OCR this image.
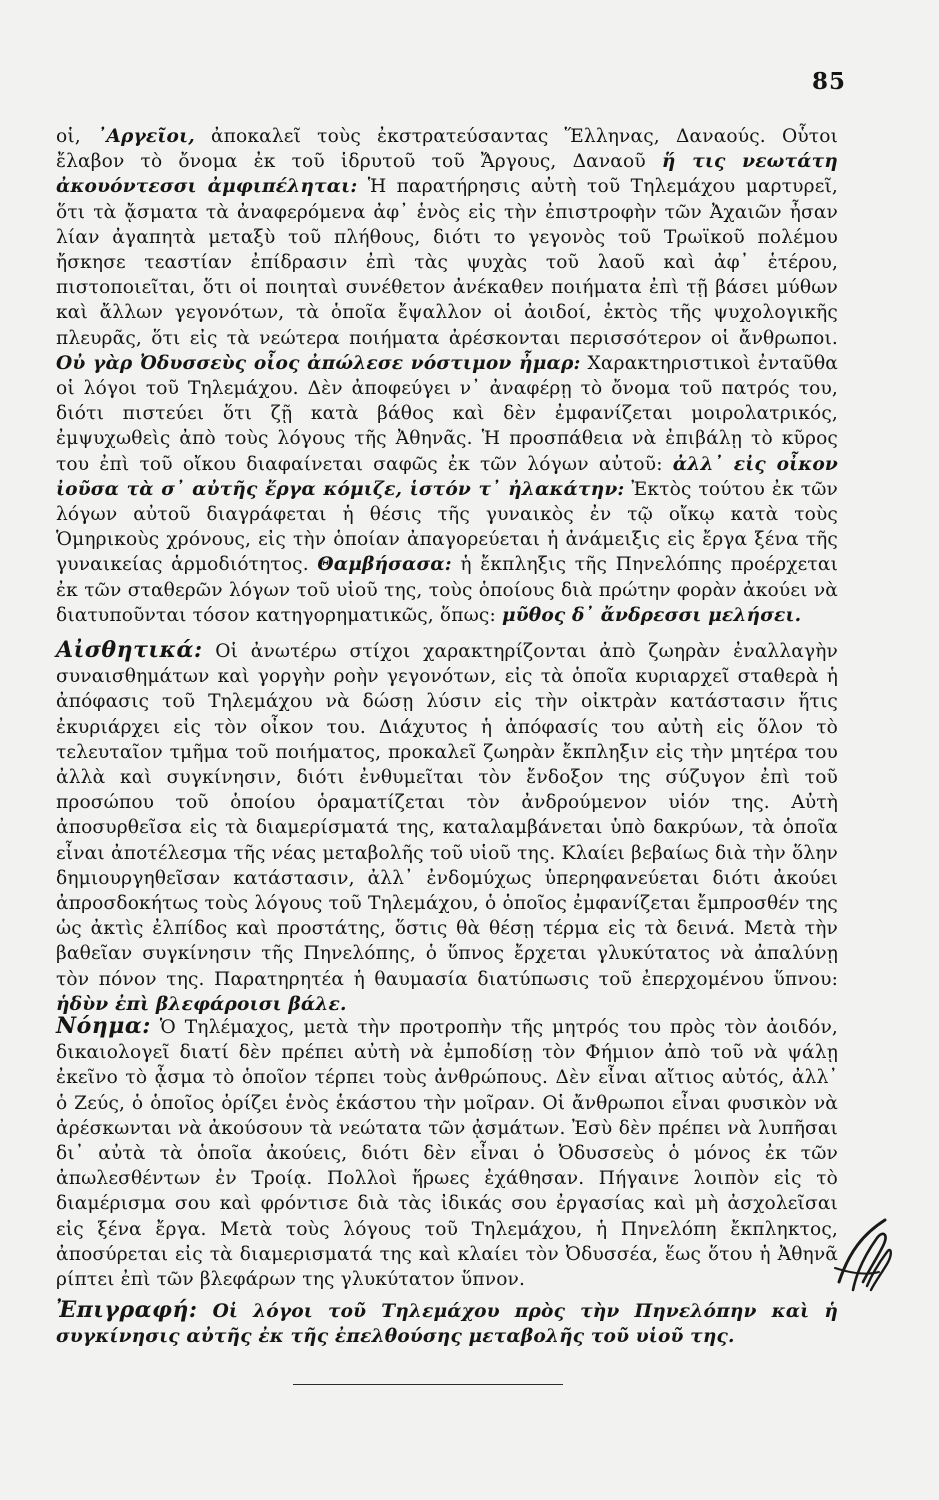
85

οἱ, ᾿Αργεῖοι, ἀποκαλεῖ τοὺς ἐκστρατεύσαντας Ἕλληνας, Δαναούς. Οὗτοι ἔλαβον τὸ ὄνομα ἐκ τοῦ ἱδρυτοῦ τοῦ Ἄργους, Δαναοῦ ἥ τις νεωτάτη ἀκουόντεσσι ἀμφιπέληται: Ἡ παρατήρησις αὐτὴ τοῦ Τηλεμάχου μαρτυρεῖ, ὅτι τὰ ᾄσματα τὰ ἀναφερόμενα ἀφ᾿ ἑνὸς εἰς τὴν ἐπιστροφὴν τῶν Ἀχαιῶν ἦσαν λίαν ἀγαπητὰ μεταξὺ τοῦ πλήθους, διότι το γεγονὸς τοῦ Τρωϊκοῦ πολέμου ἤσκησε τεαστίαν ἐπίδρασιν ἐπὶ τὰς ψυχὰς τοῦ λαοῦ καὶ ἀφ᾿ ἑτέρου, πιστοποιεῖται, ὅτι οἱ ποιηταὶ συνέθετον ἀνέκαθεν ποιήματα ἐπὶ τῇ βάσει μύθων καὶ ἄλλων γεγονότων, τὰ ὁποῖα ἔψαλλον οἱ ἀοιδοί, ἐκτὸς τῆς ψυχολογικῆς πλευρᾶς, ὅτι εἰς τὰ νεώτερα ποιήματα ἀρέσκονται περισσότερον οἱ ἄνθρωποι. Οὐ γὰρ Ὀδυσσεὺς οἶος ἀπώλεσε νόστιμον ἦμαρ: Χαρακτηριστικοὶ ἐνταῦθα οἱ λόγοι τοῦ Τηλεμάχου. Δὲν ἀποφεύγει ν᾿ ἀναφέρῃ τὸ ὄνομα τοῦ πατρός του, διότι πιστεύει ὅτι ζῇ κατὰ βάθος καὶ δὲν ἐμφανίζεται μοιρολατρικός, ἐμψυχωθεὶς ἀπὸ τοὺς λόγους τῆς Ἀθηνᾶς. Ἡ προσπάθεια νὰ ἐπιβάλῃ τὸ κῦρος του ἐπὶ τοῦ οἴκου διαφαίνεται σαφῶς ἐκ τῶν λόγων αὐτοῦ: ἀλλ᾿ εἰς οἶκον ἰοῦσα τὰ σ᾿ αὐτῆς ἔργα κόμιζε, ἱστόν τ᾿ ἠλακάτην: Ἐκτὸς τούτου ἐκ τῶν λόγων αὐτοῦ διαγράφεται ἡ θέσις τῆς γυναικὸς ἐν τῷ οἴκῳ κατὰ τοὺς Ὁμηρικοὺς χρόνους, εἰς τὴν ὁποίαν ἀπαγορεύεται ἡ ἀνάμειξις εἰς ἔργα ξένα τῆς γυναικείας ἁρμοδιότητος. Θαμβήσασα: ἡ ἔκπληξις τῆς Πηνελόπης προέρχεται ἐκ τῶν σταθερῶν λόγων τοῦ υἱοῦ της, τοὺς ὁποίους διὰ πρώτην φορὰν ἀκούει νὰ διατυποῦνται τόσον κατηγορηματικῶς, ὅπως: μῦθος δ᾿ ἄνδρεσσι μελήσει.

Αἰσθητικά: Οἱ ἀνωτέρω στίχοι χαρακτηρίζονται ἀπὸ ζωηρὰν ἐναλλαγὴν συναισθημάτων καὶ γοργὴν ροὴν γεγονότων, εἰς τὰ ὁποῖα κυριαρχεῖ σταθερὰ ἡ ἀπόφασις τοῦ Τηλεμάχου νὰ δώσῃ λύσιν εἰς τὴν οἰκτρὰν κατάστασιν ἥτις ἐκυριάρχει εἰς τὸν οἶκον του. Διάχυτος ἡ ἀπόφασίς του αὐτὴ εἰς ὅλον τὸ τελευταῖον τμῆμα τοῦ ποιήματος, προκαλεῖ ζωηρὰν ἔκπληξιν εἰς τὴν μητέρα του ἀλλὰ καὶ συγκίνησιν, διότι ἐνθυμεῖται τὸν ἔνδοξον της σύζυγον ἐπὶ τοῦ προσώπου τοῦ ὁποίου ὁραματίζεται τὸν ἀνδρούμενον υἱόν της. Αὐτὴ ἀποσυρθεῖσα εἰς τὰ διαμερίσματά της, καταλαμβάνεται ὑπὸ δακρύων, τὰ ὁποῖα εἶναι ἀποτέλεσμα τῆς νέας μεταβολῆς τοῦ υἱοῦ της. Κλαίει βεβαίως διὰ τὴν ὅλην δημιουργηθεῖσαν κατάστασιν, ἀλλ᾿ ἐνδομύχως ὑπερηφανεύεται διότι ἀκούει ἀπροσδοκήτως τοὺς λόγους τοῦ Τηλεμάχου, ὁ ὁποῖος ἐμφανίζεται ἔμπροσθέν της ὡς ἀκτὶς ἐλπίδος καὶ προστάτης, ὅστις θὰ θέσῃ τέρμα εἰς τὰ δεινά. Μετὰ τὴν βαθεῖαν συγκίνησιν τῆς Πηνελόπης, ὁ ὕπνος ἔρχεται γλυκύτατος νὰ ἀπαλύνῃ τὸν πόνον της. Παρατηρητέα ἡ θαυμασία διατύπωσις τοῦ ἐπερχομένου ὕπνου: ἡδὺν ἐπὶ βλεφάροισι βάλε.

Νόημα: Ὁ Τηλέμαχος, μετὰ τὴν προτροπὴν τῆς μητρός του πρὸς τὸν ἀοιδόν, δικαιολογεῖ διατί δὲν πρέπει αὐτὴ νὰ ἐμποδίσῃ τὸν Φήμιον ἀπὸ τοῦ νὰ ψάλῃ ἐκεῖνο τὸ ᾆσμα τὸ ὁποῖον τέρπει τοὺς ἀνθρώπους. Δὲν εἶναι αἴτιος αὐτός, ἀλλ᾿ ὁ Ζεύς, ὁ ὁποῖος ὁρίζει ἑνὸς ἑκάστου τὴν μοῖραν. Οἱ ἄνθρωποι εἶναι φυσικὸν νὰ ἀρέσκωνται νὰ ἀκούσουν τὰ νεώτατα τῶν ᾀσμάτων. Ἐσὺ δὲν πρέπει νὰ λυπῆσαι δι᾿ αὐτὰ τὰ ὁποῖα ἀκούεις, διότι δὲν εἶναι ὁ Ὀδυσσεὺς ὁ μόνος ἐκ τῶν ἀπωλεσθέντων ἐν Τροίᾳ. Πολλοὶ ἥρωες ἐχάθησαν. Πήγαινε λοιπὸν εἰς τὸ διαμέρισμα σου καὶ φρόντισε διὰ τὰς ἰδικάς σου ἐργασίας καὶ μὴ ἀσχολεῖσαι εἰς ξένα ἔργα. Μετὰ τοὺς λόγους τοῦ Τηλεμάχου, ἡ Πηνελόπη ἔκπληκτος, ἀποσύρεται εἰς τὰ διαμερισματά της καὶ κλαίει τὸν Ὀδυσσέα, ἕως ὅτου ἡ Ἀθηνᾶ ρίπτει ἐπὶ τῶν βλεφάρων της γλυκύτατον ὕπνον.

Ἐπιγραφή: Οἱ λόγοι τοῦ Τηλεμάχου πρὸς τὴν Πηνελόπην καὶ ἡ συγκίνησις αὐτῆς ἐκ τῆς ἐπελθούσης μεταβολῆς τοῦ υἱοῦ της.
